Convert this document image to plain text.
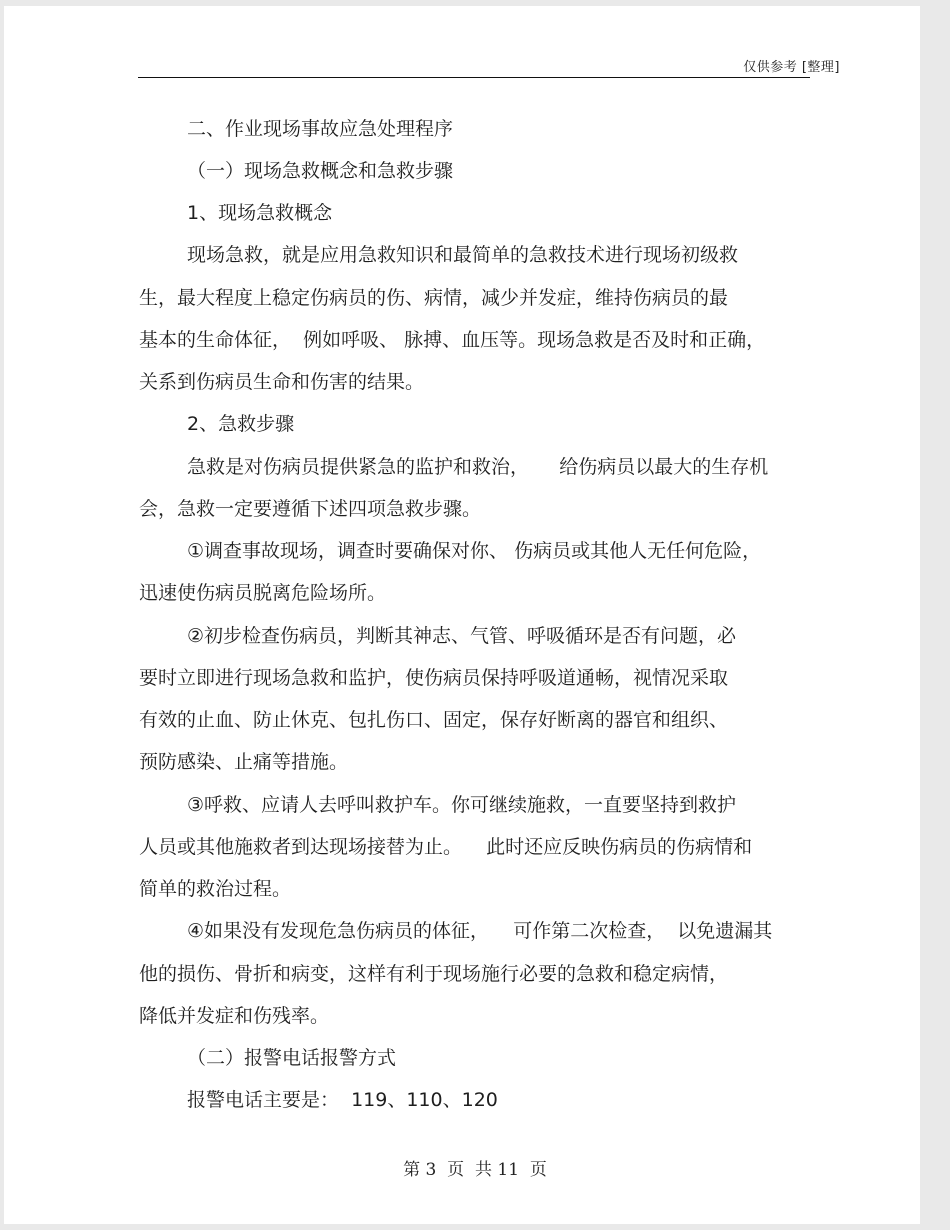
仅供参考 [整理]
二、作业现场事故应急处理程序
（一）现场急救概念和急救步骤
1、现场急救概念
现场急救，就是应用急救知识和最简单的急救技术进行现场初级救
生，最大程度上稳定伤病员的伤、病情，减少并发症，维持伤病员的最
基本的生命体征，  例如呼吸、 脉搏、血压等。现场急救是否及时和正确，
关系到伤病员生命和伤害的结果。
2、急救步骤
急救是对伤病员提供紧急的监护和救治，     给伤病员以最大的生存机
会，急救一定要遵循下述四项急救步骤。
①调查事故现场，调查时要确保对你、 伤病员或其他人无任何危险，
迅速使伤病员脱离危险场所。
②初步检查伤病员，判断其神志、气管、呼吸循环是否有问题，必
要时立即进行现场急救和监护，使伤病员保持呼吸道通畅，视情况采取
有效的止血、防止休克、包扎伤口、固定，保存好断离的器官和组织、
预防感染、止痛等措施。
③呼救、应请人去呼叫救护车。你可继续施救，一直要坚持到救护
人员或其他施救者到达现场接替为止。    此时还应反映伤病员的伤病情和
简单的救治过程。
④如果没有发现危急伤病员的体征，    可作第二次检查，  以免遗漏其
他的损伤、骨折和病变，这样有利于现场施行必要的急救和稳定病情，
降低并发症和伤残率。
（二）报警电话报警方式
报警电话主要是：  119、110、120
第 3  页  共 11  页
